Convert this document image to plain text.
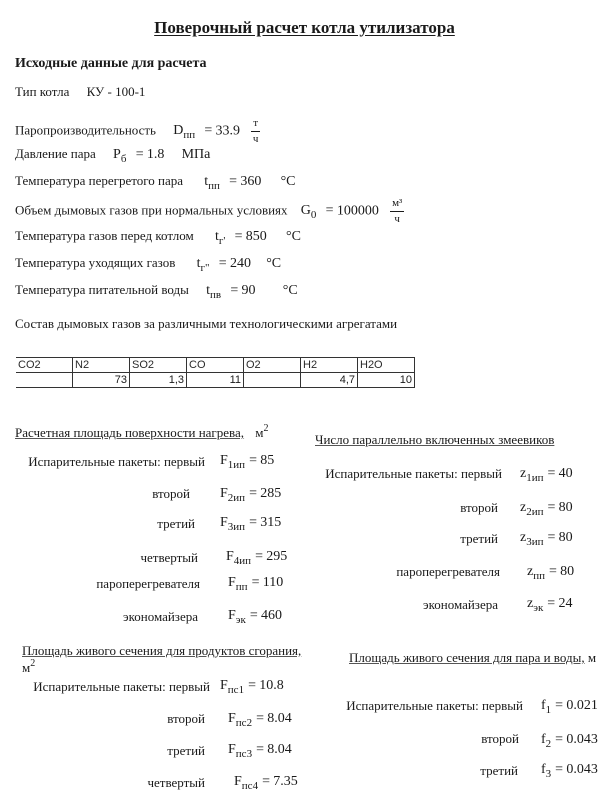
Поверочный расчет котла утилизатора
Исходные данные для расчета
Тип котла КУ - 100-1
Паропроизводительность $D_{пп} = 33.9 \frac{т}{ч}$
Давление пара $P_б = 1.8$ МПа
Температура перегретого пара $t_{пп} = 360$ °C
Объем дымовых газов при нормальных условиях $G_0 = 100000 \frac{\text{м³}}{ч}$
Температура газов перед котлом $t_{г'} = 850$ °C
Температура уходящих газов $t_{г"} = 240$ °C
Температура питательной воды $t_{пв} = 90$ °C
Состав дымовых газов за различными технологическими агрегатами
CO2	N2	SO2	CO	O2	H2	H2O
	73	1,3	11		4,7	10
Расчетная площадь поверхности нагрева, $м^2$
Испарительные пакеты: первый $F_{1ип} = 85$
второй $F_{2ип} = 285$
третий $F_{3ип} = 315$
четвертый $F_{4ип} = 295$
пароперегревателя $F_{пп} = 110$
экономайзера $F_{эк} = 460$
Число параллельно включенных змеевиков
Испарительные пакеты: первый $z_{1ип} = 40$
второй $z_{2ип} = 80$
третий $z_{3ип} = 80$
пароперегревателя $z_{пп} = 80$
экономайзера $z_{эк} = 24$
Площадь живого сечения для продуктов сгорания,
$м^2$
Испарительные пакеты: первый $F_{пс1} = 10.8$
второй $F_{пс2} = 8.04$
третий $F_{пс3} = 8.04$
четвертый $F_{пс4} = 7.35$
Площадь живого сечения для пара и воды, м
Испарительные пакеты: первый $f_1 = 0.021$
второй $f_2 = 0.043$
третий $f_3 = 0.043$
